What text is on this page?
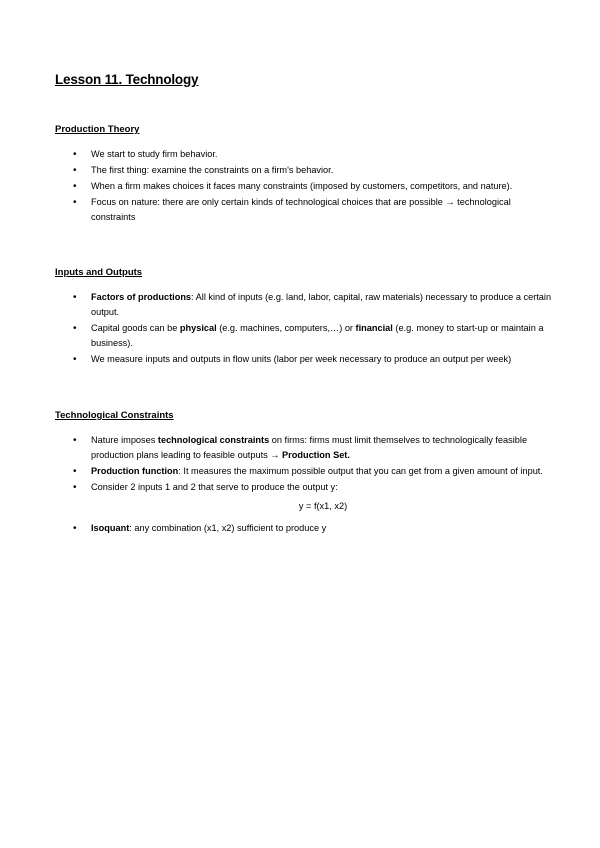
Lesson 11. Technology
Production Theory
• We start to study firm behavior.
• The first thing: examine the constraints on a firm's behavior.
• When a firm makes choices it faces many constraints (imposed by customers, competitors, and nature).
• Focus on nature: there are only certain kinds of technological choices that are possible → technological constraints
Inputs and Outputs
• Factors of productions: All kind of inputs (e.g. land, labor, capital, raw materials) necessary to produce a certain output.
• Capital goods can be physical (e.g. machines, computers,…) or financial (e.g. money to start-up or maintain a business).
• We measure inputs and outputs in flow units (labor per week necessary to produce an output per week)
Technological Constraints
• Nature imposes technological constraints on firms: firms must limit themselves to technologically feasible production plans leading to feasible outputs → Production Set.
• Production function: It measures the maximum possible output that you can get from a given amount of input.
• Consider 2 inputs 1 and 2 that serve to produce the output y:
y = f(x1, x2)
• Isoquant: any combination (x1, x2) sufficient to produce y
